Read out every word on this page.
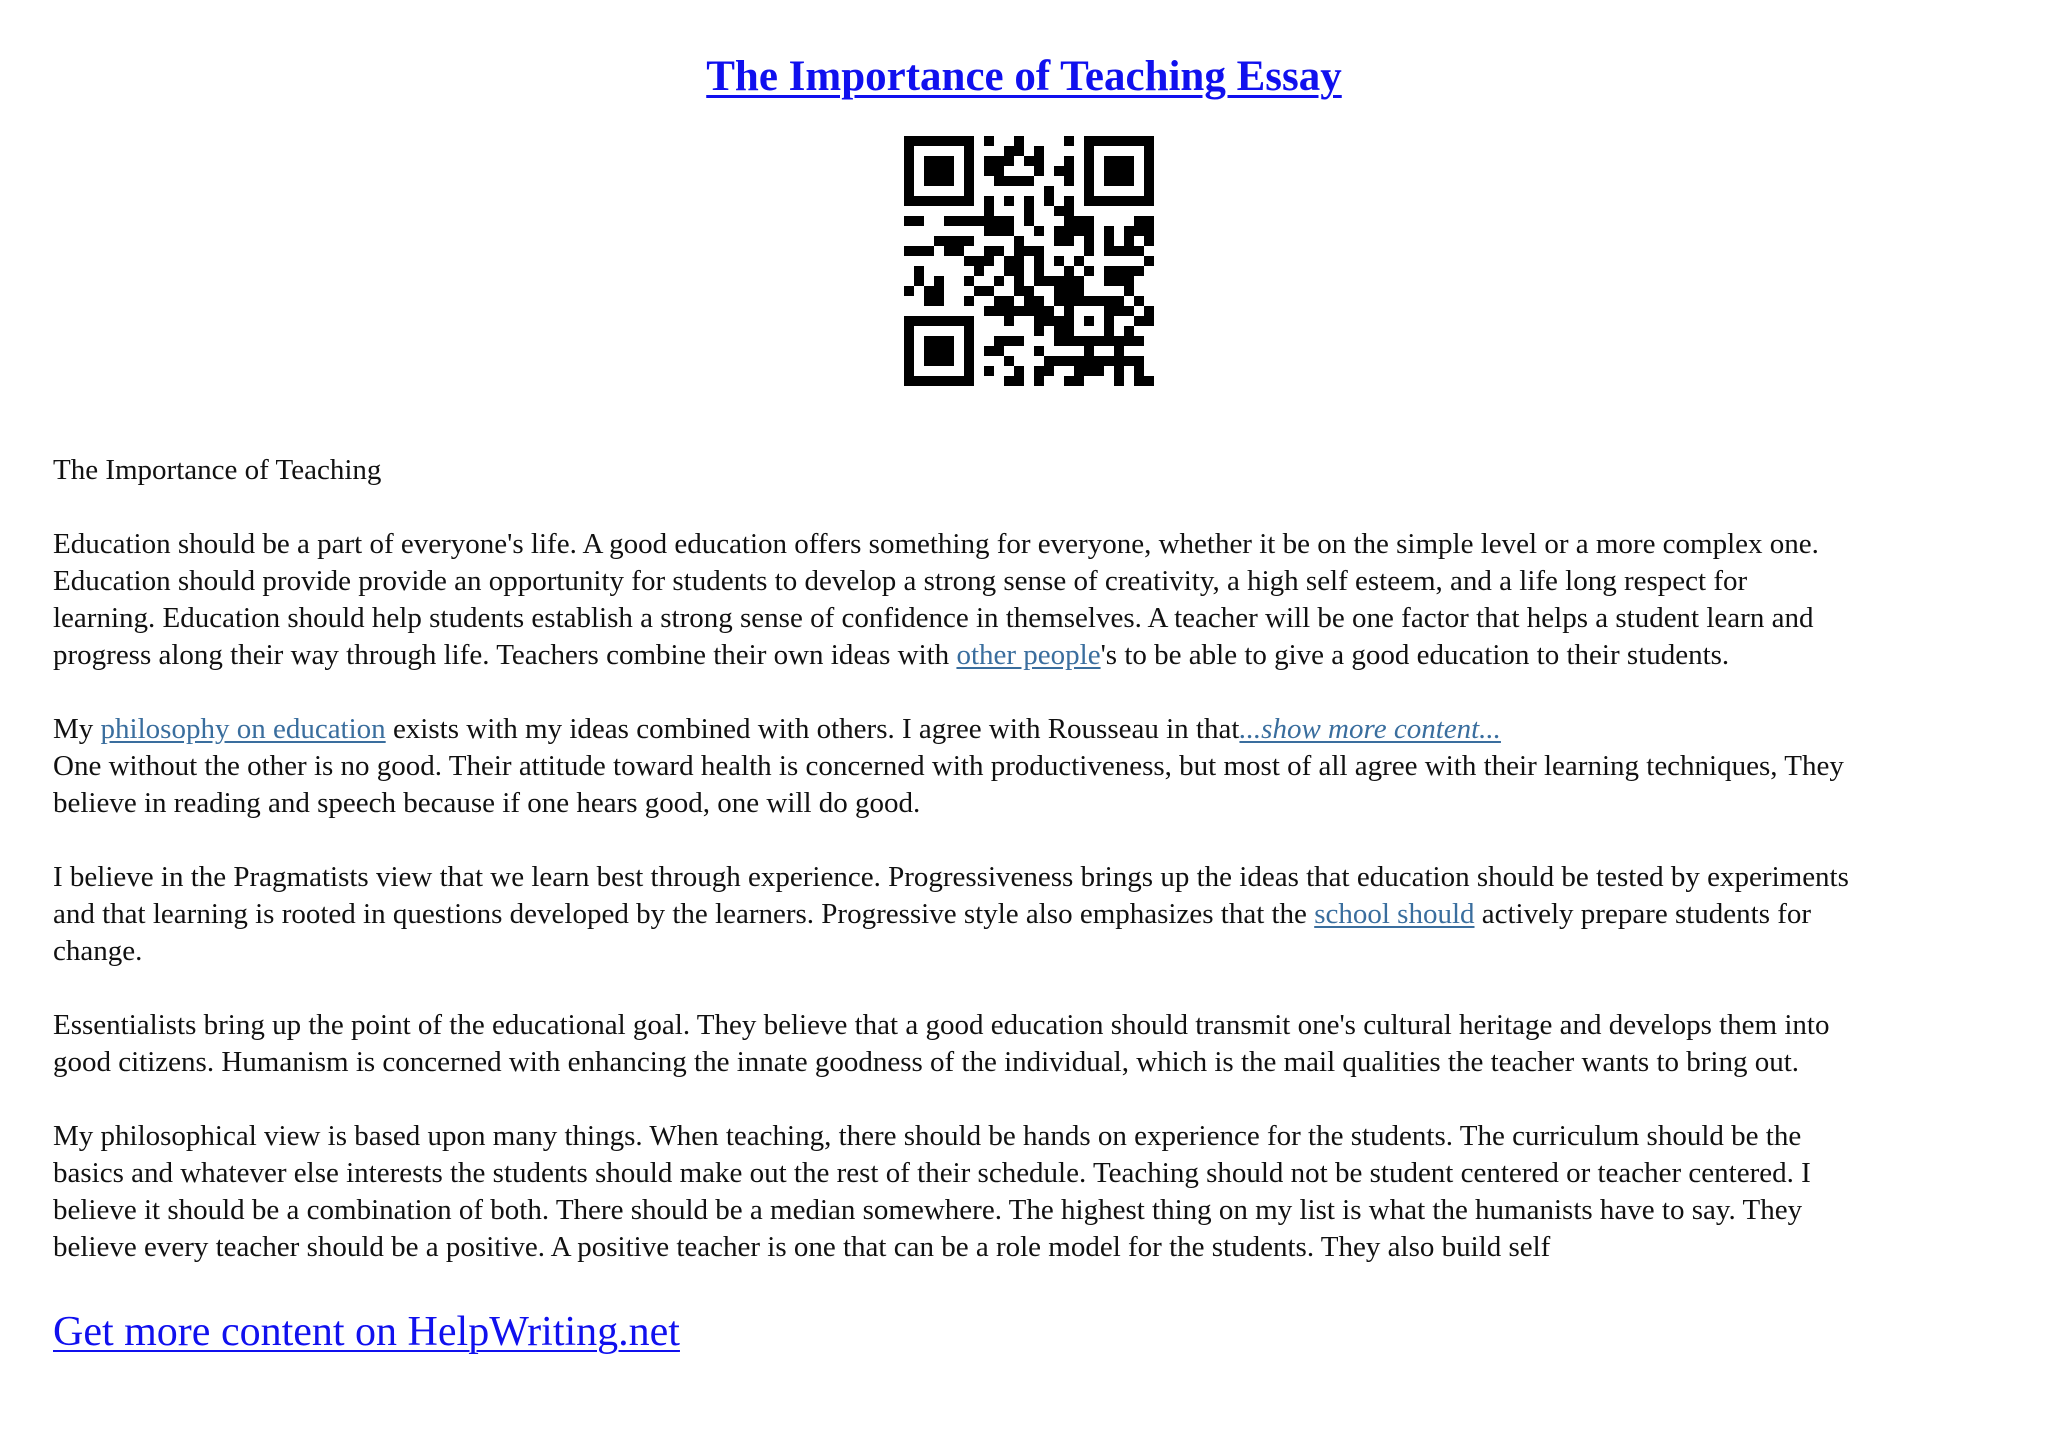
The Importance of Teaching Essay

The Importance of Teaching

Education should be a part of everyone's life. A good education offers something for everyone, whether it be on the simple level or a more complex one.
Education should provide provide an opportunity for students to develop a strong sense of creativity, a high self esteem, and a life long respect for
learning. Education should help students establish a strong sense of confidence in themselves. A teacher will be one factor that helps a student learn and
progress along their way through life. Teachers combine their own ideas with other people's to be able to give a good education to their students.

My philosophy on education exists with my ideas combined with others. I agree with Rousseau in that...show more content...

One without the other is no good. Their attitude toward health is concerned with productiveness, but most of all agree with their learning techniques, They
believe in reading and speech because if one hears good, one will do good.

I believe in the Pragmatists view that we learn best through experience. Progressiveness brings up the ideas that education should be tested by experiments
and that learning is rooted in questions developed by the learners. Progressive style also emphasizes that the school should actively prepare students for
change.

Essentialists bring up the point of the educational goal. They believe that a good education should transmit one's cultural heritage and develops them into
good citizens. Humanism is concerned with enhancing the innate goodness of the individual, which is the mail qualities the teacher wants to bring out.

My philosophical view is based upon many things. When teaching, there should be hands on experience for the students. The curriculum should be the
basics and whatever else interests the students should make out the rest of their schedule. Teaching should not be student centered or teacher centered. I
believe it should be a combination of both. There should be a median somewhere. The highest thing on my list is what the humanists have to say. They
believe every teacher should be a positive. A positive teacher is one that can be a role model for the students. They also build self

Get more content on HelpWriting.net
